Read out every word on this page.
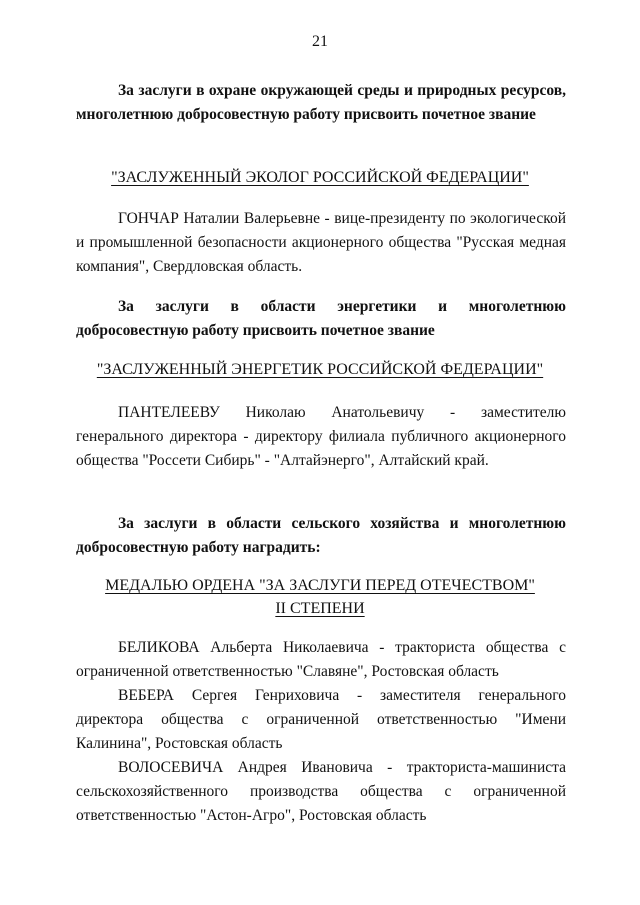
21
За заслуги в охране окружающей среды и природных ресурсов, многолетнюю добросовестную работу присвоить почетное звание
"ЗАСЛУЖЕННЫЙ ЭКОЛОГ РОССИЙСКОЙ ФЕДЕРАЦИИ"

ГОНЧАР Наталии Валерьевне - вице-президенту по экологической и промышленной безопасности акционерного общества "Русская медная компания", Свердловская область.

За заслуги в области энергетики и многолетнюю добросовестную работу присвоить почетное звание
"ЗАСЛУЖЕННЫЙ ЭНЕРГЕТИК РОССИЙСКОЙ ФЕДЕРАЦИИ"

ПАНТЕЛЕЕВУ Николаю Анатольевичу - заместителю генерального директора - директору филиала публичного акционерного общества "Россети Сибирь" - "Алтайэнерго", Алтайский край.

За заслуги в области сельского хозяйства и многолетнюю добросовестную работу наградить:
МЕДАЛЬЮ ОРДЕНА "ЗА ЗАСЛУГИ ПЕРЕД ОТЕЧЕСТВОМ"
II СТЕПЕНИ

БЕЛИКОВА Альберта Николаевича - тракториста общества с ограниченной ответственностью "Славяне", Ростовская область

ВЕБЕРА Сергея Генриховича - заместителя генерального директора общества с ограниченной ответственностью "Имени Калинина", Ростовская область

ВОЛОСЕВИЧА Андрея Ивановича - тракториста-машиниста сельскохозяйственного производства общества с ограниченной ответственностью "Астон-Агро", Ростовская область
